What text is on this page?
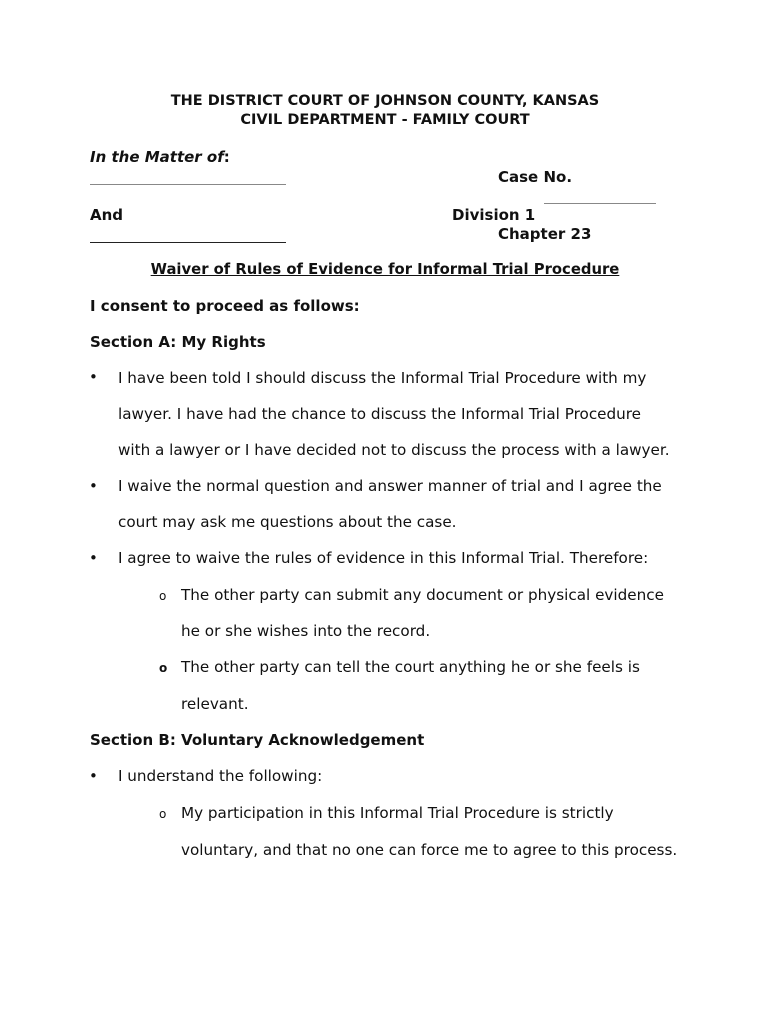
THE DISTRICT COURT OF JOHNSON COUNTY, KANSAS
CIVIL DEPARTMENT - FAMILY COURT
In the Matter of:
Case No.
And	Division 1
Chapter 23
Waiver of Rules of Evidence for Informal Trial Procedure
I consent to proceed as follows:
Section A: My Rights
• I have been told I should discuss the Informal Trial Procedure with my
lawyer. I have had the chance to discuss the Informal Trial Procedure
with a lawyer or I have decided not to discuss the process with a lawyer.
• I waive the normal question and answer manner of trial and I agree the
court may ask me questions about the case.
• I agree to waive the rules of evidence in this Informal Trial. Therefore:
o The other party can submit any document or physical evidence
he or she wishes into the record.
o The other party can tell the court anything he or she feels is
relevant.
Section B: Voluntary Acknowledgement
• I understand the following:
o My participation in this Informal Trial Procedure is strictly
voluntary, and that no one can force me to agree to this process.
